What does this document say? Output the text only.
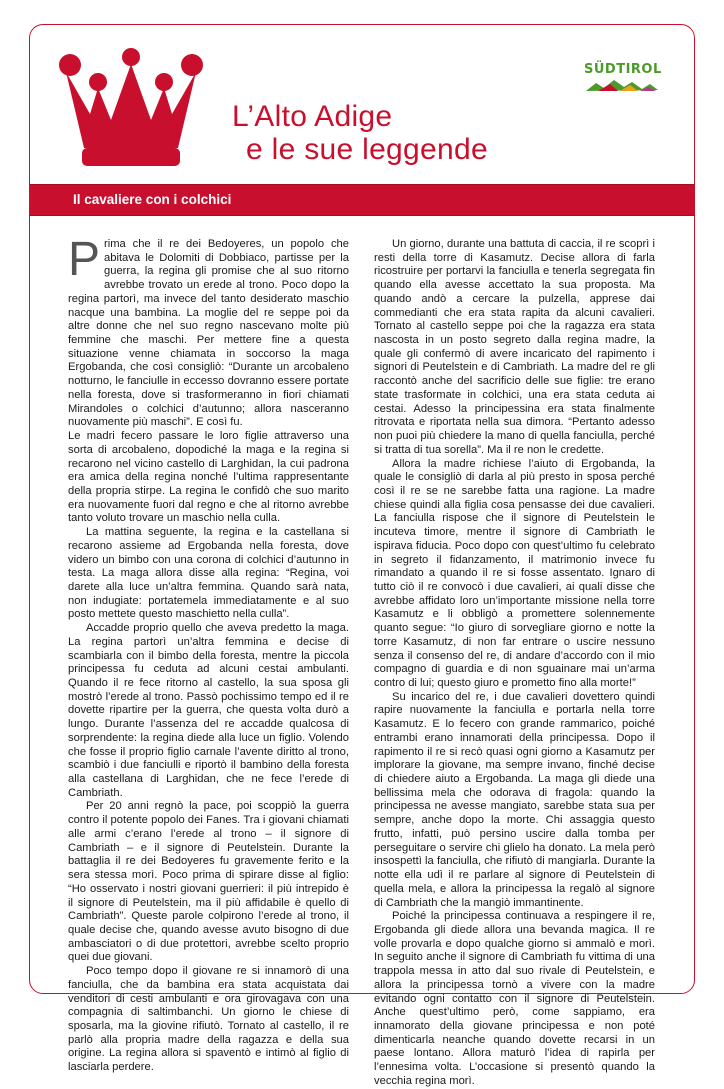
L’Alto Adige
e le sue leggende
SÜDTIROL
Il cavaliere con i colchici

Prima che il re dei Bedoyeres, un popolo che abitava le Dolomiti di Dobbiaco, partisse per la guerra, la regina gli promise che al suo ritorno avrebbe trovato un erede al trono. Poco dopo la regina partorì, ma invece del tanto desiderato maschio nacque una bambina. La moglie del re seppe poi da altre donne che nel suo regno nascevano molte più femmine che maschi. Per mettere fine a questa situazione venne chiamata in soccorso la maga Ergobanda, che così consigliò: “Durante un arcobaleno notturno, le fanciulle in eccesso dovranno essere portate nella foresta, dove si trasformeranno in fiori chiamati Mirandoles o colchici d’autunno; allora nasceranno nuovamente più maschi”. E così fu.

Le madri fecero passare le loro figlie attraverso una sorta di arcobaleno, dopodiché la maga e la regina si recarono nel vicino castello di Larghidan, la cui padrona era amica della regina nonché l’ultima rappresentante della propria stirpe. La regina le confidò che suo marito era nuovamente fuori dal regno e che al ritorno avrebbe tanto voluto trovare un maschio nella culla.

La mattina seguente, la regina e la castellana si recarono assieme ad Ergobanda nella foresta, dove videro un bimbo con una corona di colchici d’autunno in testa. La maga allora disse alla regina: “Regina, voi darete alla luce un’altra femmina. Quando sarà nata, non indugiate: portatemela immediatamente e al suo posto mettete questo maschietto nella culla”.

Accadde proprio quello che aveva predetto la maga. La regina partorì un’altra femmina e decise di scambiarla con il bimbo della foresta, mentre la piccola principessa fu ceduta ad alcuni cestai ambulanti. Quando il re fece ritorno al castello, la sua sposa gli mostrò l’erede al trono. Passò pochissimo tempo ed il re dovette ripartire per la guerra, che questa volta durò a lungo. Durante l’assenza del re accadde qualcosa di sorprendente: la regina diede alla luce un figlio. Volendo che fosse il proprio figlio carnale l’avente diritto al trono, scambiò i due fanciulli e riportò il bambino della foresta alla castellana di Larghidan, che ne fece l’erede di Cambriath.

Per 20 anni regnò la pace, poi scoppiò la guerra contro il potente popolo dei Fanes. Tra i giovani chiamati alle armi c’erano l’erede al trono – il signore di Cambriath – e il signore di Peutelstein. Durante la battaglia il re dei Bedoyeres fu gravemente ferito e la sera stessa morì. Poco prima di spirare disse al figlio: “Ho osservato i nostri giovani guerrieri: il più intrepido è il signore di Peutelstein, ma il più affidabile è quello di Cambriath”. Queste parole colpirono l’erede al trono, il quale decise che, quando avesse avuto bisogno di due ambasciatori o di due protettori, avrebbe scelto proprio quei due giovani.

Poco tempo dopo il giovane re si innamorò di una fanciulla, che da bambina era stata acquistata dai venditori di cesti ambulanti e ora girovagava con una compagnia di saltimbanchi. Un giorno le chiese di sposarla, ma la giovine rifiutò. Tornato al castello, il re parlò alla propria madre della ragazza e della sua origine. La regina allora si spaventò e intimò al figlio di lasciarla perdere.

Un giorno, durante una battuta di caccia, il re scoprì i resti della torre di Kasamutz. Decise allora di farla ricostruire per portarvi la fanciulla e tenerla segregata fin quando ella avesse accettato la sua proposta. Ma quando andò a cercare la pulzella, apprese dai commedianti che era stata rapita da alcuni cavalieri. Tornato al castello seppe poi che la ragazza era stata nascosta in un posto segreto dalla regina madre, la quale gli confermò di avere incaricato del rapimento i signori di Peutelstein e di Cambriath. La madre del re gli raccontò anche del sacrificio delle sue figlie: tre erano state trasformate in colchici, una era stata ceduta ai cestai. Adesso la principessina era stata finalmente ritrovata e riportata nella sua dimora. “Pertanto adesso non puoi più chiedere la mano di quella fanciulla, perché si tratta di tua sorella”. Ma il re non le credette.

Allora la madre richiese l’aiuto di Ergobanda, la quale le consigliò di darla al più presto in sposa perché così il re se ne sarebbe fatta una ragione. La madre chiese quindi alla figlia cosa pensasse dei due cavalieri. La fanciulla rispose che il signore di Peutelstein le incuteva timore, mentre il signore di Cambriath le ispirava fiducia. Poco dopo con quest’ultimo fu celebrato in segreto il fidanzamento, il matrimonio invece fu rimandato a quando il re si fosse assentato. Ignaro di tutto ciò il re convocò i due cavalieri, ai quali disse che avrebbe affidato loro un’importante missione nella torre Kasamutz e li obbligò a promettere solennemente quanto segue: “Io giuro di sorvegliare giorno e notte la torre Kasamutz, di non far entrare o uscire nessuno senza il consenso del re, di andare d’accordo con il mio compagno di guardia e di non sguainare mai un’arma contro di lui; questo giuro e prometto fino alla morte!”

Su incarico del re, i due cavalieri dovettero quindi rapire nuovamente la fanciulla e portarla nella torre Kasamutz. E lo fecero con grande rammarico, poiché entrambi erano innamorati della principessa. Dopo il rapimento il re si recò quasi ogni giorno a Kasamutz per implorare la giovane, ma sempre invano, finché decise di chiedere aiuto a Ergobanda. La maga gli diede una bellissima mela che odorava di fragola: quando la principessa ne avesse mangiato, sarebbe stata sua per sempre, anche dopo la morte. Chi assaggia questo frutto, infatti, può persino uscire dalla tomba per perseguitare o servire chi glielo ha donato. La mela però insospettì la fanciulla, che rifiutò di mangiarla. Durante la notte ella udì il re parlare al signore di Peutelstein di quella mela, e allora la principessa la regalò al signore di Cambriath che la mangiò immantinente.

Poiché la principessa continuava a respingere il re, Ergobanda gli diede allora una bevanda magica. Il re volle provarla e dopo qualche giorno si ammalò e morì. In seguito anche il signore di Cambriath fu vittima di una trappola messa in atto dal suo rivale di Peutelstein, e allora la principessa tornò a vivere con la madre evitando ogni contatto con il signore di Peutelstein. Anche quest’ultimo però, come sappiamo, era innamorato della giovane principessa e non poté dimenticarla neanche quando dovette recarsi in un paese lontano. Allora maturò l’idea di rapirla per l’ennesima volta. L’occasione si presentò quando la vecchia regina morì.
